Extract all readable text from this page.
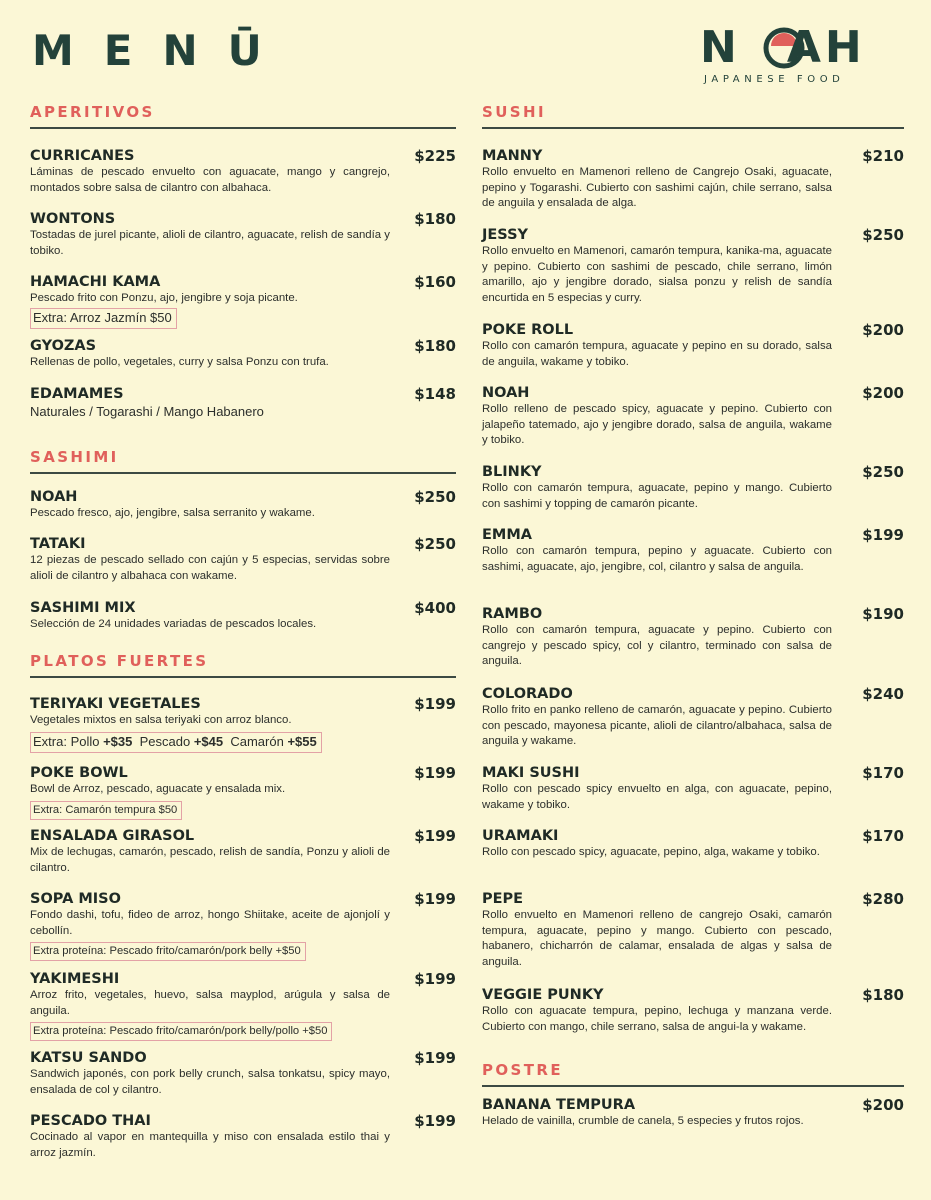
MENŪ	N AH
JAPANESE FOOD
APERITIVOS
CURRICANES	$225
Láminas de pescado envuelto con aguacate, mango y cangrejo, montados sobre salsa de cilantro con albahaca.
WONTONS	$180
Tostadas de jurel picante, alioli de cilantro, aguacate, relish de sandía y tobiko.
HAMACHI KAMA	$160
Pescado frito con Ponzu, ajo, jengibre y soja picante.
Extra: Arroz Jazmín $50
GYOZAS	$180
Rellenas de pollo, vegetales, curry y salsa Ponzu con trufa.
EDAMAMES	$148
Naturales / Togarashi / Mango Habanero
SASHIMI
NOAH	$250
Pescado fresco, ajo, jengibre, salsa serranito y wakame.
TATAKI	$250
12 piezas de pescado sellado con cajún y 5 especias, servidas sobre alioli de cilantro y albahaca con wakame.
SASHIMI MIX	$400
Selección de 24 unidades variadas de pescados locales.
PLATOS FUERTES
TERIYAKI VEGETALES	$199
Vegetales mixtos en salsa teriyaki con arroz blanco.
Extra: Pollo +$35  Pescado +$45  Camarón +$55
POKE BOWL	$199
Bowl de Arroz, pescado, aguacate y ensalada mix.
Extra: Camarón tempura $50
ENSALADA GIRASOL	$199
Mix de lechugas, camarón, pescado, relish de sandía, Ponzu y alioli de cilantro.
SOPA MISO	$199
Fondo dashi, tofu, fideo de arroz, hongo Shiitake, aceite de ajonjolí y cebollín.
Extra proteína: Pescado frito/camarón/pork belly +$50
YAKIMESHI	$199
Arroz frito, vegetales, huevo, salsa mayplod, arúgula y salsa de anguila.
Extra proteína: Pescado frito/camarón/pork belly/pollo +$50
KATSU SANDO	$199
Sandwich japonés, con pork belly crunch, salsa tonkatsu, spicy mayo, ensalada de col y cilantro.
PESCADO THAI	$199
Cocinado al vapor en mantequilla y miso con ensalada estilo thai y arroz jazmín.
SUSHI
MANNY	$210
Rollo envuelto en Mamenori relleno de Cangrejo Osaki, aguacate, pepino y Togarashi. Cubierto con sashimi cajún, chile serrano, salsa de anguila y ensalada de alga.
JESSY	$250
Rollo envuelto en Mamenori, camarón tempura, kanika-ma, aguacate y pepino. Cubierto con sashimi de pescado, chile serrano, limón amarillo, ajo y jengibre dorado, sialsa ponzu y relish de sandía encurtida en 5 especias y curry.
POKE ROLL	$200
Rollo con camarón tempura, aguacate y pepino en su dorado, salsa de anguila, wakame y tobiko.
NOAH	$200
Rollo relleno de pescado spicy, aguacate y pepino. Cubierto con jalapeño tatemado, ajo y jengibre dorado, salsa de anguila, wakame y tobiko.
BLINKY	$250
Rollo con camarón tempura, aguacate, pepino y mango. Cubierto con sashimi y topping de camarón picante.
EMMA	$199
Rollo con camarón tempura, pepino y aguacate. Cubierto con sashimi, aguacate, ajo, jengibre, col, cilantro y salsa de anguila.
RAMBO	$190
Rollo con camarón tempura, aguacate y pepino. Cubierto con cangrejo y pescado spicy, col y cilantro, terminado con salsa de anguila.
COLORADO	$240
Rollo frito en panko relleno de camarón, aguacate y pepino. Cubierto con pescado, mayonesa picante, alioli de cilantro/albahaca, salsa de anguila y wakame.
MAKI SUSHI	$170
Rollo con pescado spicy envuelto en alga, con aguacate, pepino, wakame y tobiko.
URAMAKI	$170
Rollo con pescado spicy, aguacate, pepino, alga, wakame y tobiko.
PEPE	$280
Rollo envuelto en Mamenori relleno de cangrejo Osaki, camarón tempura, aguacate, pepino y mango. Cubierto con pescado, habanero, chicharrón de calamar, ensalada de algas y salsa de anguila.
VEGGIE PUNKY	$180
Rollo con aguacate tempura, pepino, lechuga y manzana verde. Cubierto con mango, chile serrano, salsa de angui-la y wakame.
POSTRE
BANANA TEMPURA	$200
Helado de vainilla, crumble de canela, 5 especies y frutos rojos.
